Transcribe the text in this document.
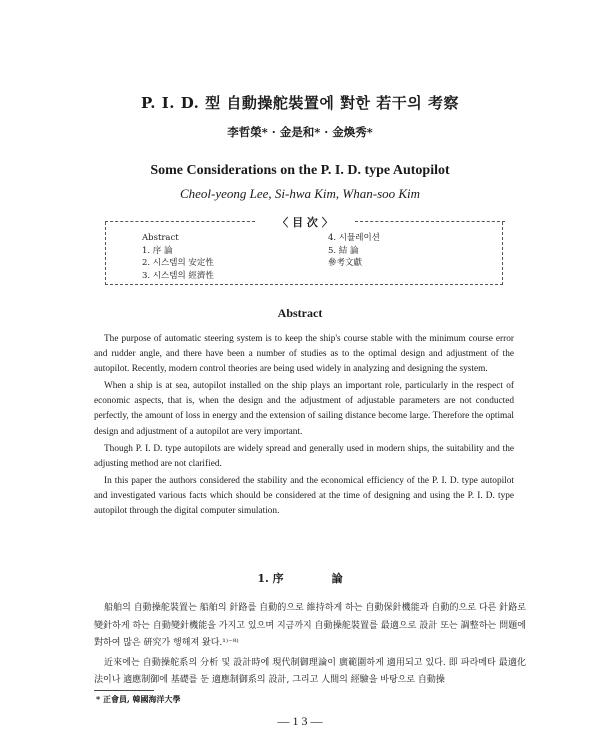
P. I. D. 型 自動操舵裝置에 對한 若干의 考察
李哲榮* · 金是和* · 金煥秀*
Some Considerations on the P. I. D. type Autopilot
Cheol-yeong Lee, Si-hwa Kim, Whan-soo Kim
〈 目 次 〉
Abstract
1. 序 論
2. 시스템의 安定性
3. 시스템의 經濟性
4. 시뮬레이션
5. 結 論
參考文獻
Abstract

The purpose of automatic steering system is to keep the ship's course stable with the minimum course error and rudder angle, and there have been a number of studies as to the optimal design and adjustment of the autopilot. Recently, modern control theories are being used widely in analyzing and designing the system.

When a ship is at sea, autopilot installed on the ship plays an important role, particularly in the respect of economic aspects, that is, when the design and the adjustment of adjustable parameters are not conducted perfectly, the amount of loss in energy and the extension of sailing distance become large. Therefore the optimal design and adjustment of a autopilot are very important.

Though P. I. D. type autopilots are widely spread and generally used in modern ships, the suitability and the adjusting method are not clarified.

In this paper the authors considered the stability and the economical efficiency of the P. I. D. type autopilot and investigated various facts which should be considered at the time of designing and using the P. I. D. type autopilot through the digital computer simulation.

1. 序	論

船舶의 自動操舵裝置는 船舶의 針路를 自動的으로 維持하게 하는 自動保針機能과 自動的으로 다른 針路로 變針하게 하는 自動變針機能을 가지고 있으며 지금까지 自動操舵裝置를 最適으로 設計 또는 調整하는 問題에 對하여 많은 硏究가 행해져 왔다.¹⁾⁻⁸⁾

近來에는 自動操舵系의 分析 및 設計時에 現代制御理論이 廣範圍하게 適用되고 있다. 即 파라메타 最適化法이나 適應制御에 基礎를 둔 適應制御系의 設計, 그리고 人間의 經驗을 바탕으로 自動操

* 正會員, 韓國海洋大學
— 1 3 —
